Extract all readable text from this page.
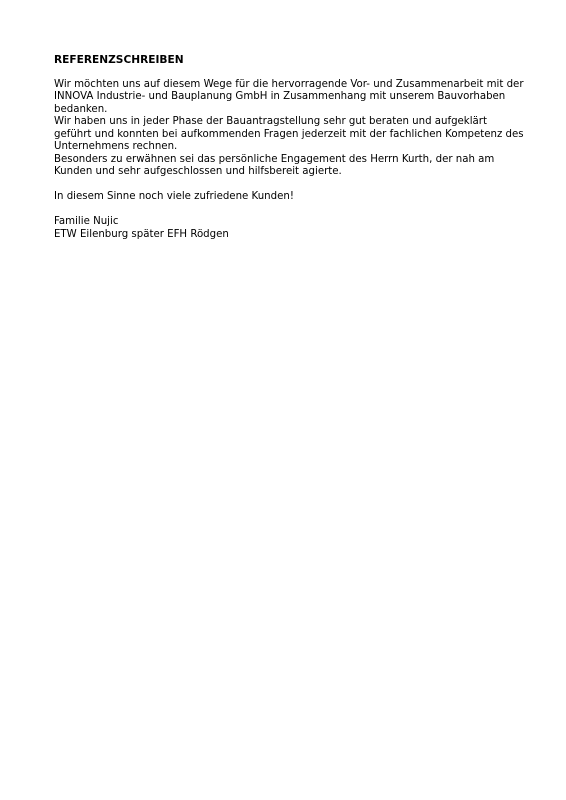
REFERENZSCHREIBEN

Wir möchten uns auf diesem Wege für die hervorragende Vor- und Zusammenarbeit mit der INNOVA Industrie- und Bauplanung GmbH in Zusammenhang mit unserem Bauvorhaben bedanken.

Wir haben uns in jeder Phase der Bauantragstellung sehr gut beraten und aufgeklärt geführt und konnten bei aufkommenden Fragen jederzeit mit der fachlichen Kompetenz des Unternehmens rechnen.

Besonders zu erwähnen sei das persönliche Engagement des Herrn Kurth, der nah am Kunden und sehr aufgeschlossen und hilfsbereit agierte.

In diesem Sinne noch viele zufriedene Kunden!

Familie Nujic

ETW Eilenburg später EFH Rödgen
